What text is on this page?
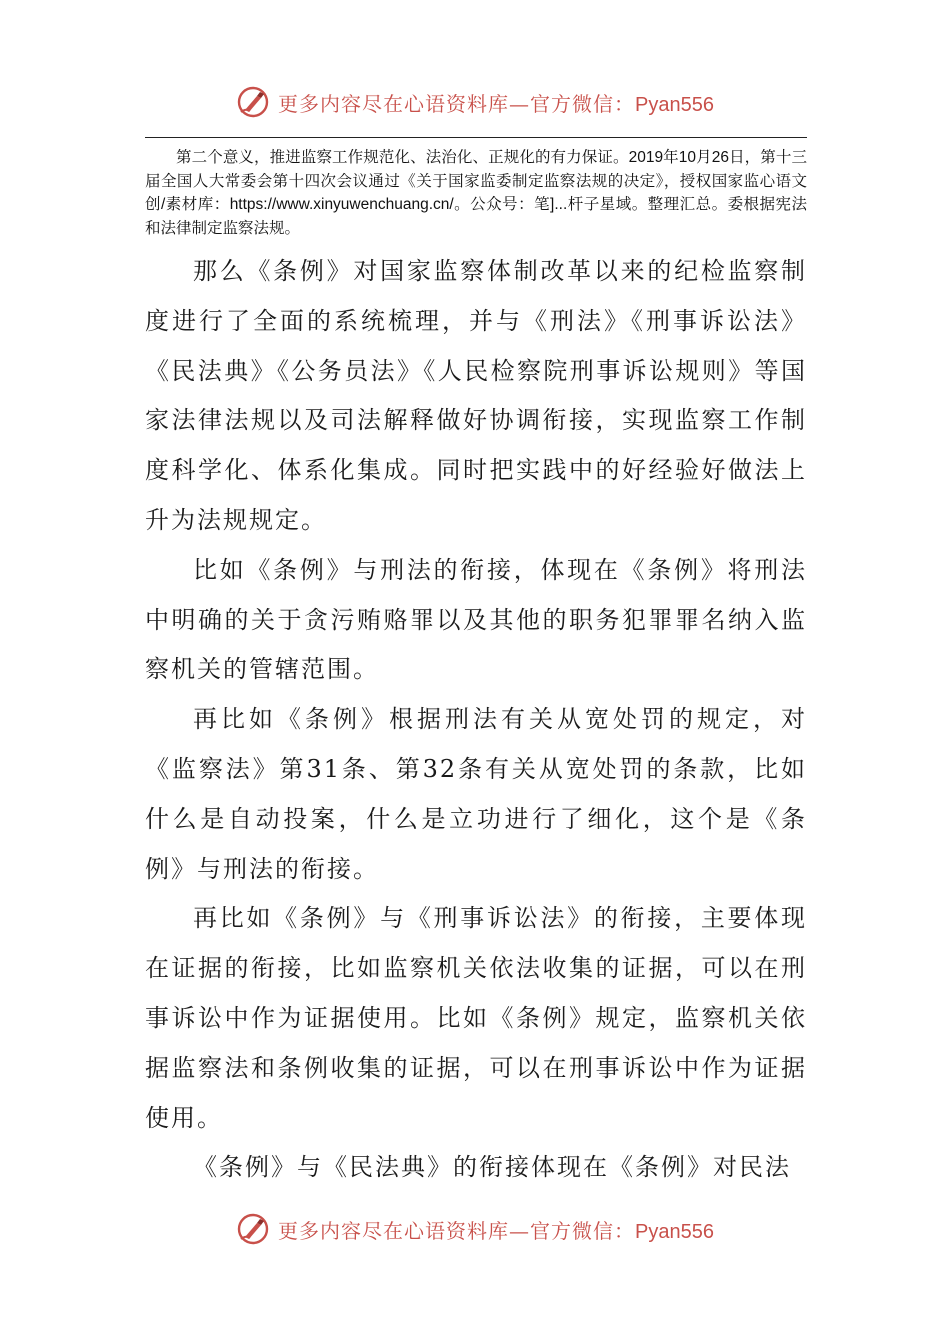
更多内容尽在心语资料库—官方微信：Pyan556
第二个意义，推进监察工作规范化、法治化、正规化的有力保证。2019年10月26日，第十三届全国人大常委会第十四次会议通过《关于国家监委制定监察法规的决定》，授权国家监心语文创/素材库：https://www.xinyuwenchuang.cn/。公众号：笔]...杆子星域。整理汇总。委根据宪法和法律制定监察法规。

那么《条例》对国家监察体制改革以来的纪检监察制度进行了全面的系统梳理，并与《刑法》《刑事诉讼法》《民法典》《公务员法》《人民检察院刑事诉讼规则》等国家法律法规以及司法解释做好协调衔接，实现监察工作制度科学化、体系化集成。同时把实践中的好经验好做法上升为法规规定。

比如《条例》与刑法的衔接，体现在《条例》将刑法中明确的关于贪污贿赂罪以及其他的职务犯罪罪名纳入监察机关的管辖范围。

再比如《条例》根据刑法有关从宽处罚的规定，对《监察法》第31条、第32条有关从宽处罚的条款，比如什么是自动投案，什么是立功进行了细化，这个是《条例》与刑法的衔接。

再比如《条例》与《刑事诉讼法》的衔接，主要体现在证据的衔接，比如监察机关依法收集的证据，可以在刑事诉讼中作为证据使用。比如《条例》规定，监察机关依据监察法和条例收集的证据，可以在刑事诉讼中作为证据使用。

《条例》与《民法典》的衔接体现在《条例》对民法

更多内容尽在心语资料库—官方微信：Pyan556
